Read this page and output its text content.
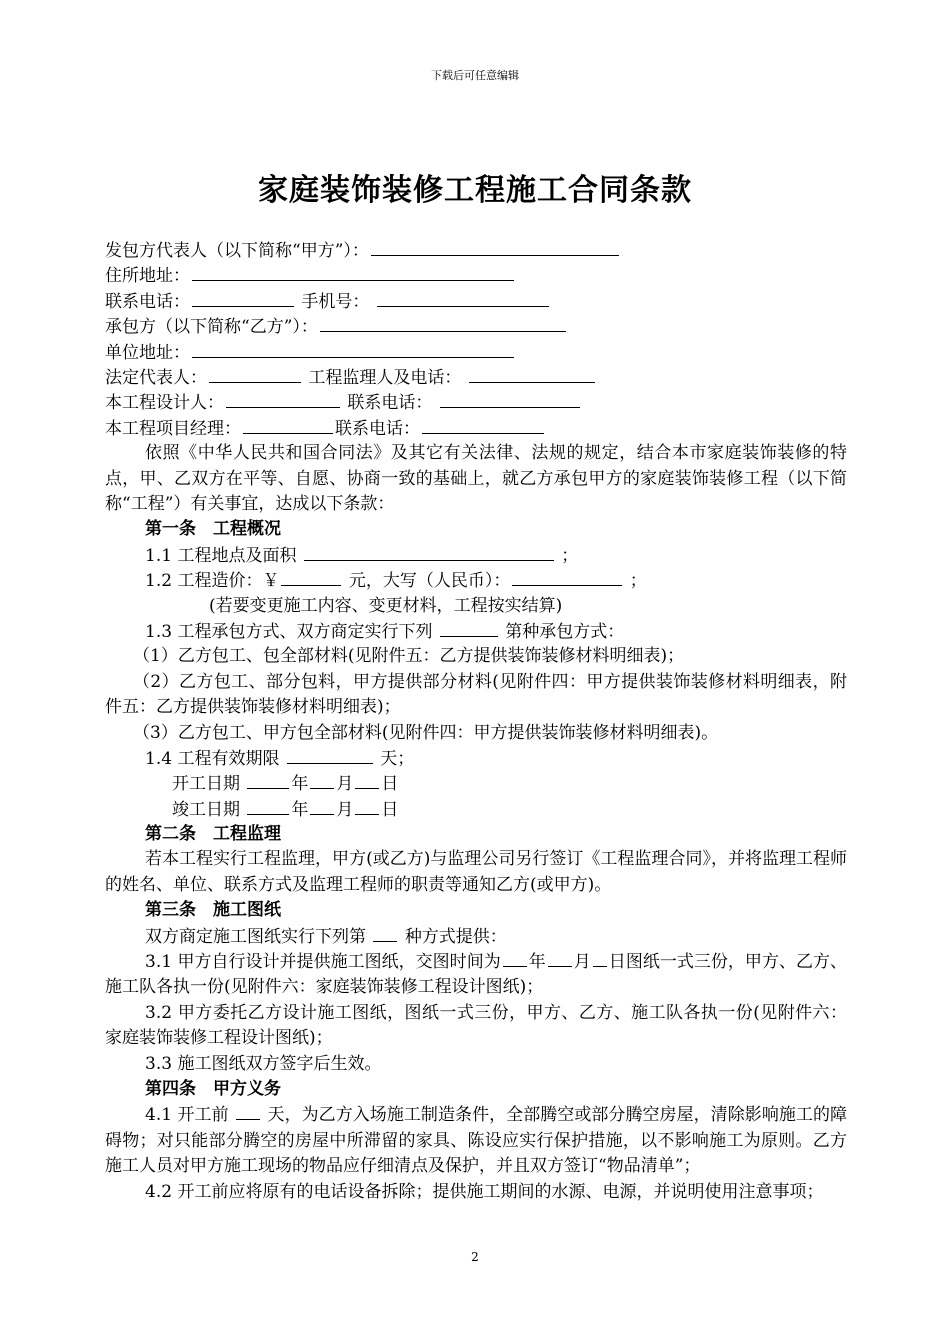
下载后可任意编辑
家庭装饰装修工程施工合同条款
发包方代表人（以下简称“甲方”）：
住所地址：
联系电话：	手机号：
承包方（以下简称“乙方”）：
单位地址：
法定代表人：	工程监理人及电话：
本工程设计人：	联系电话：
本工程项目经理：	联系电话：
依照《中华人民共和国合同法》及其它有关法律、法规的规定，结合本市家庭装饰装修的特点，甲、乙双方在平等、自愿、协商一致的基础上，就乙方承包甲方的家庭装饰装修工程（以下简称“工程”）有关事宜，达成以下条款：
第一条　工程概况
1.1 工程地点及面积	；
1.2 工程造价：￥	元，大写（人民币）：	；
(若要变更施工内容、变更材料，工程按实结算)
1.3 工程承包方式、双方商定实行下列	第种承包方式：
（1）乙方包工、包全部材料(见附件五：乙方提供装饰装修材料明细表)；
（2）乙方包工、部分包料，甲方提供部分材料(见附件四：甲方提供装饰装修材料明细表，附件五：乙方提供装饰装修材料明细表)；
（3）乙方包工、甲方包全部材料(见附件四：甲方提供装饰装修材料明细表)。
1.4 工程有效期限	天；
开工日期	年 月 日
竣工日期	年 月 日
第二条　工程监理
若本工程实行工程监理，甲方(或乙方)与监理公司另行签订《工程监理合同》，并将监理工程师的姓名、单位、联系方式及监理工程师的职责等通知乙方(或甲方)。
第三条　施工图纸
双方商定施工图纸实行下列第 种方式提供：
3.1 甲方自行设计并提供施工图纸，交图时间为 年 月 日图纸一式三份，甲方、乙方、施工队各执一份(见附件六：家庭装饰装修工程设计图纸)；
3.2 甲方委托乙方设计施工图纸，图纸一式三份，甲方、乙方、施工队各执一份(见附件六：家庭装饰装修工程设计图纸)；
3.3 施工图纸双方签字后生效。
第四条　甲方义务
4.1 开工前 天，为乙方入场施工制造条件，全部腾空或部分腾空房屋，清除影响施工的障碍物；对只能部分腾空的房屋中所滞留的家具、陈设应实行保护措施，以不影响施工为原则。乙方施工人员对甲方施工现场的物品应仔细清点及保护，并且双方签订“物品清单”；
4.2 开工前应将原有的电话设备拆除；提供施工期间的水源、电源，并说明使用注意事项；
2
